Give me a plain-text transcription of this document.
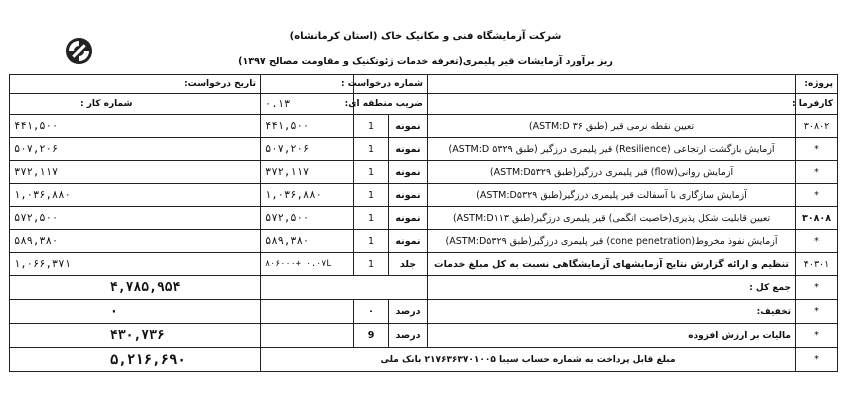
شرکت آزمایشگاه فنی و مکانیک خاک (استان کرمانشاه)
ریز برآورد آزمایشات قیر پلیمری(تعرفه خدمات ژئوتکنیک و مقاومت مصالح ۱۳۹۷)
پروژه:		شماره درخواست :			تاریخ درخواست:
کارفرما :		ضریب منطقه ای:		۰.۱۳	شماره کار :
۳۰۸۰۲	تعیین نقطه نرمی قیر (طبق ۳۶ ASTM:D)	نمونه	1	۴۴۱,۵۰۰	۴۴۱,۵۰۰
*	آزمایش بازگشت ارتجاعی (Resilience) قیر پلیمری درزگیر (طبق ASTM:D ۵۳۲۹)	نمونه	1	۵۰۷,۲۰۶	۵۰۷,۲۰۶
*	آزمایش روانی(flow) قیر پلیمری درزگیر(طبق ASTM:D۵۳۲۹)	نمونه	1	۳۷۲,۱۱۷	۳۷۲,۱۱۷
*	آزمایش سازگاری با آسفالت قیر پلیمری درزگیر(طبق ASTM:D۵۳۲۹)	نمونه	1	۱,۰۳۶,۸۸۰	۱,۰۳۶,۸۸۰
۳۰۸۰۸	تعیین قابلیت شکل پذیری(خاصیت انگمی) قیر پلیمری درزگیر(طبق ASTM:D۱۱۳)	نمونه	1	۵۷۲,۵۰۰	۵۷۲,۵۰۰
*	آزمایش نفوذ مخروط(cone penetration) قیر پلیمری درزگیر(طبق ASTM:D۵۳۲۹)	نمونه	1	۵۸۹,۳۸۰	۵۸۹,۳۸۰
۴۰۳۰۱	تنظیم و ارائه گزارش نتایج آزمایشهای آزمایشگاهی نسبت به کل مبلغ خدمات	جلد	1	۸۰۶۰۰۰+ ۰.۰۷L	۱,۰۶۶,۳۷۱
*	جمع کل :				۴,۷۸۵,۹۵۴
*	تخفیف:	درصد	۰		۰
*	مالیات بر ارزش افزوده	درصد	9		۴۳۰,۷۳۶
*	مبلغ قابل پرداخت به شماره حساب سیبا ۲۱۷۶۳۶۳۷۰۱۰۰۵ بانک ملی				۵,۲۱۶,۶۹۰
